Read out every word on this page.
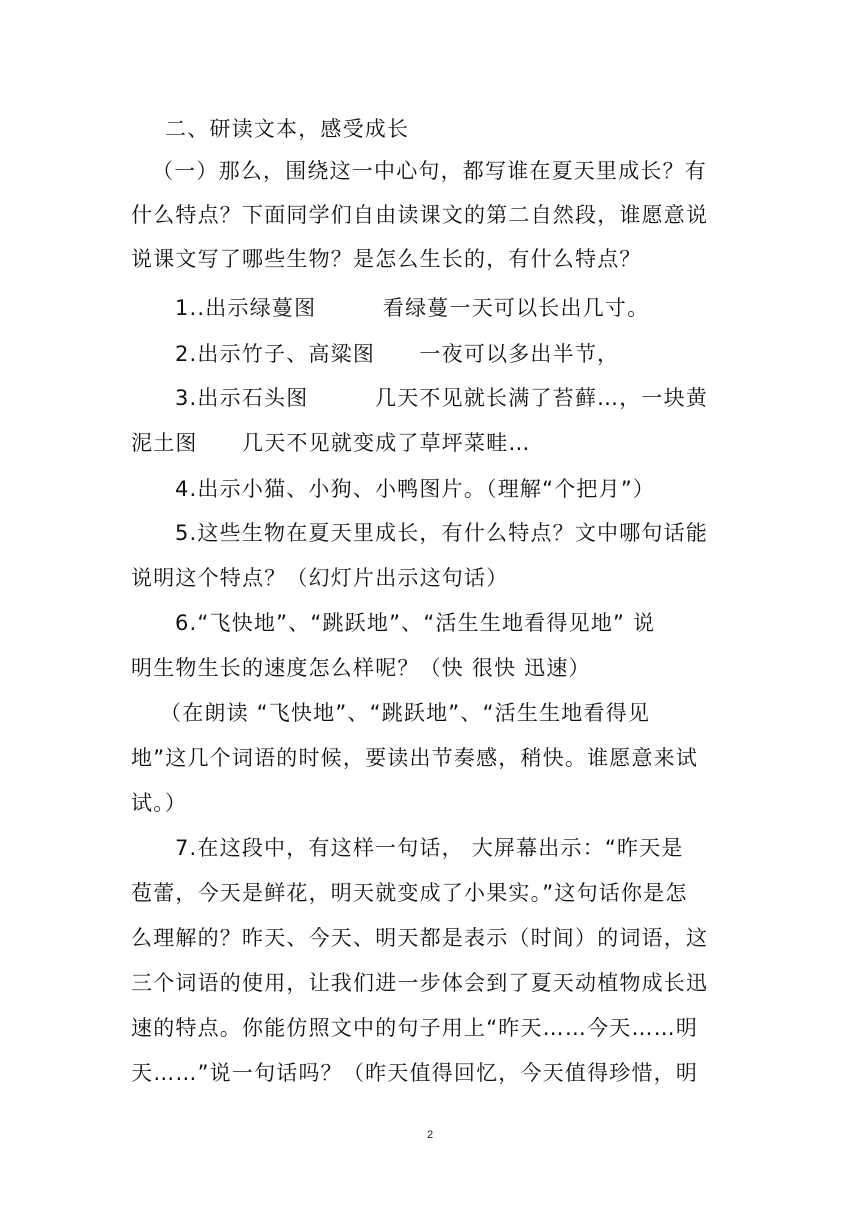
二、研读文本，感受成长
（一）那么，围绕这一中心句，都写谁在夏天里成长？有
什么特点？下面同学们自由读课文的第二自然段，谁愿意说
说课文写了哪些生物？是怎么生长的，有什么特点？
1..出示绿蔓图　　　看绿蔓一天可以长出几寸。
2.出示竹子、高粱图　　一夜可以多出半节，
3.出示石头图　　　几天不见就长满了苔藓…，一块黄
泥土图　　几天不见就变成了草坪菜畦…
4.出示小猫、小狗、小鸭图片。（理解“个把月”）
5.这些生物在夏天里成长，有什么特点？文中哪句话能
说明这个特点？（幻灯片出示这句话）
6.“飞快地”、“跳跃地”、“活生生地看得见地” 说
明生物生长的速度怎么样呢？（快 很快 迅速）
（在朗读 “飞快地”、“跳跃地”、“活生生地看得见
地”这几个词语的时候，要读出节奏感，稍快。谁愿意来试
试。）
7.在这段中，有这样一句话， 大屏幕出示：“昨天是
苞蕾，今天是鲜花，明天就变成了小果实。”这句话你是怎
么理解的？昨天、今天、明天都是表示（时间）的词语，这
三个词语的使用，让我们进一步体会到了夏天动植物成长迅
速的特点。你能仿照文中的句子用上“昨天……今天……明
天……”说一句话吗？（昨天值得回忆，今天值得珍惜，明
2
